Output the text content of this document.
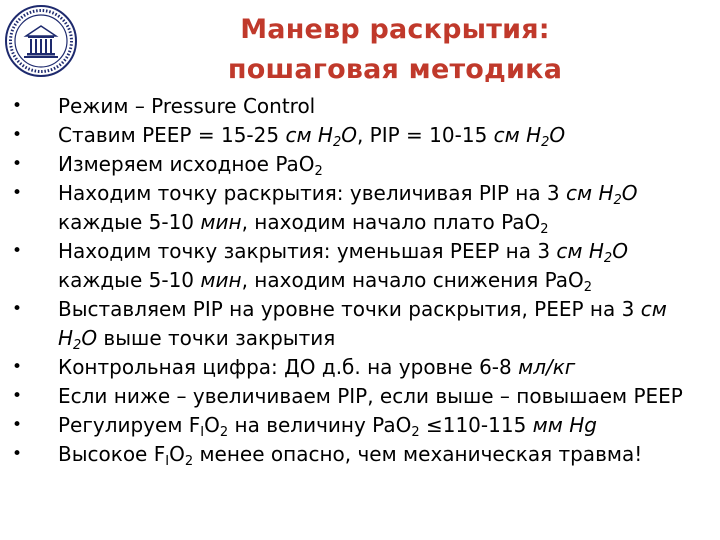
Маневр раскрытия:
пошаговая методика
• Режим – Pressure Control
• Ставим PEEP = 15-25 см $H_2O$, PIP = 10-15 см $H_2O$
• Измеряем исходное PaO$_2$
• Находим точку раскрытия: увеличивая PIP на 3 см $H_2O$
каждые 5-10 мин, находим начало плато PaO$_2$
• Находим точку закрытия: уменьшая PEEP на 3 см $H_2O$
каждые 5-10 мин, находим начало снижения PaO$_2$
• Выставляем PIP на уровне точки раскрытия, PEEP на 3 см
$H_2O$ выше точки закрытия
• Контрольная цифра: ДО д.б. на уровне 6-8 мл/кг
• Если ниже – увеличиваем PIP, если выше – повышаем PEEP
• Регулируем $F_IO_2$ на величину PaO$_2$ ≤110-115 мм Hg
• Высокое $F_IO_2$ менее опасно, чем механическая травма!
